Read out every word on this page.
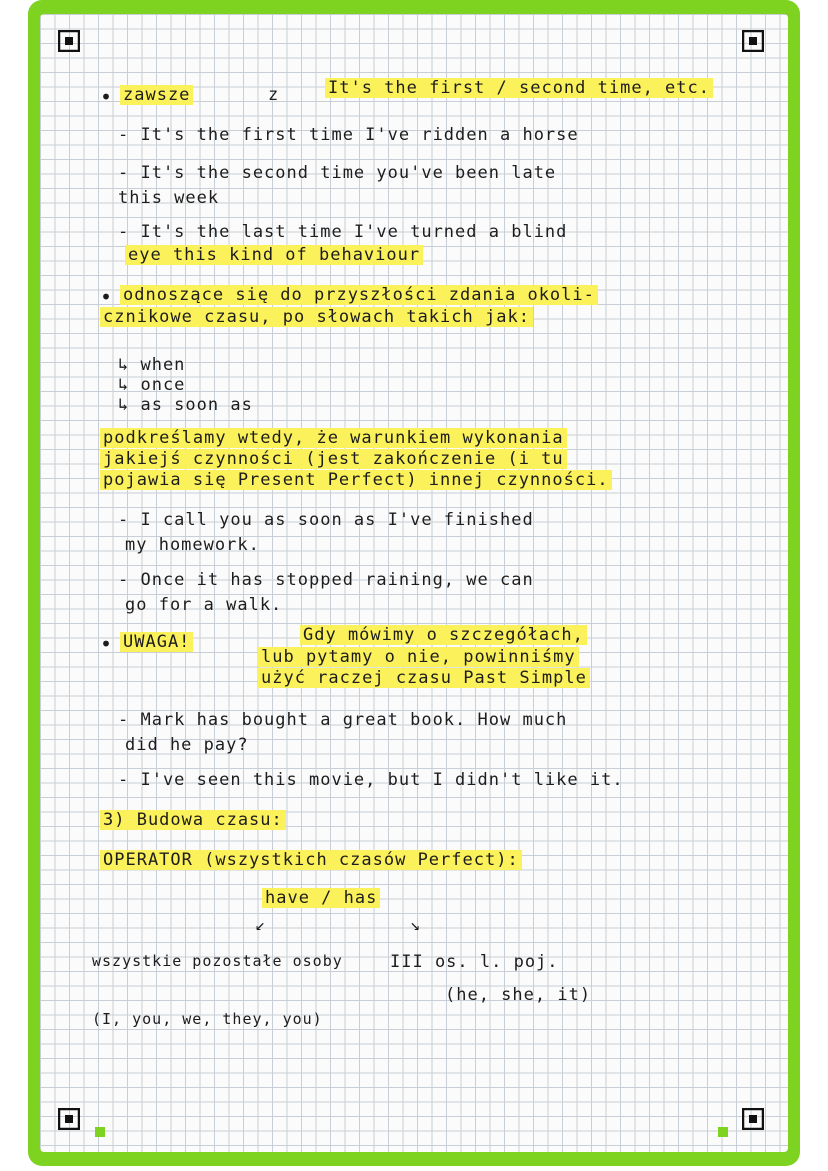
• zawsze	z	It's the first / second time, etc.
- It's the first time I've ridden a horse
- It's the second time you've been late
this week
- It's the last time I've turned a blind
eye this kind of behaviour
• odnoszące się do przyszłości zdania okoli-
cznikowe czasu, po słowach takich jak:
↳ when
↳ once
↳ as soon as
podkreślamy wtedy, że warunkiem wykonania
jakiejś czynności (jest zakończenie (i tu
pojawia się Present Perfect) innej czynności.
- I call you as soon as I've finished
my homework.
- Once it has stopped raining, we can
go for a walk.
• UWAGA!	Gdy mówimy o szczegółach,
lub pytamy o nie, powinniśmy
użyć raczej czasu Past Simple
- Mark has bought a great book. How much
did he pay?
- I've seen this movie, but I didn't like it.
3) Budowa czasu:
OPERATOR (wszystkich czasów Perfect):
have / has
↙	↘
wszystkie pozostałe osoby	III os. l. poj.
(I, you, we, they, you)
(he, she, it)
